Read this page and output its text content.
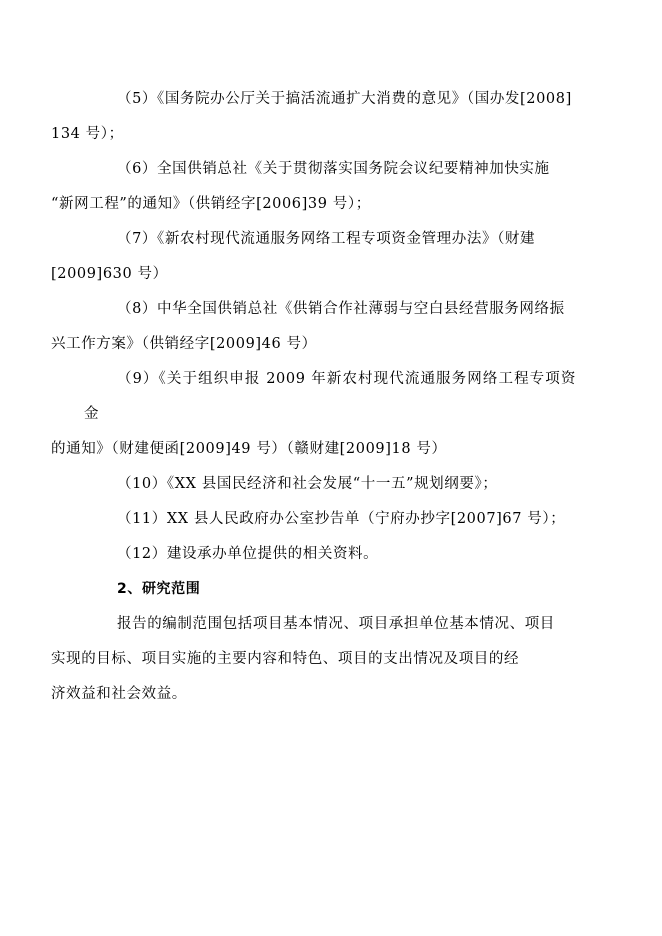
（5）《国务院办公厅关于搞活流通扩大消费的意见》（国办发[2008]
134 号）；

（6）全国供销总社《关于贯彻落实国务院会议纪要精神加快实施
“新网工程”的通知》（供销经字[2006]39 号）；

（7）《新农村现代流通服务网络工程专项资金管理办法》（财建
[2009]630 号）

（8）中华全国供销总社《供销合作社薄弱与空白县经营服务网络振
兴工作方案》（供销经字[2009]46 号）

（9）《关于组织申报 2009 年新农村现代流通服务网络工程专项资金
的通知》（财建便函[2009]49 号）（赣财建[2009]18 号）

（10）《XX 县国民经济和社会发展“十一五”规划纲要》；

（11）XX 县人民政府办公室抄告单（宁府办抄字[2007]67 号）；

（12）建设承办单位提供的相关资料。

2、研究范围

报告的编制范围包括项目基本情况、项目承担单位基本情况、项目
实现的目标、项目实施的主要内容和特色、项目的支出情况及项目的经
济效益和社会效益。
